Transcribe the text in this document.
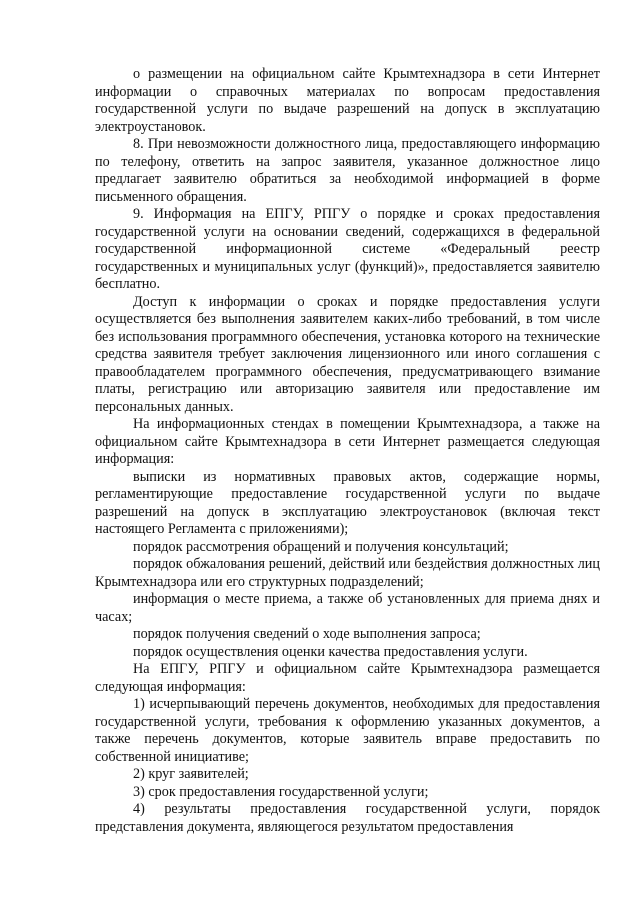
о размещении на официальном сайте Крымтехнадзора в сети Интернет информации о справочных материалах по вопросам предоставления государственной услуги по выдаче разрешений на допуск в эксплуатацию электроустановок.

8. При невозможности должностного лица, предоставляющего информацию по телефону, ответить на запрос заявителя, указанное должностное лицо предлагает заявителю обратиться за необходимой информацией в форме письменного обращения.

9. Информация на ЕПГУ, РПГУ о порядке и сроках предоставления государственной услуги на основании сведений, содержащихся в федеральной государственной информационной системе «Федеральный реестр государственных и муниципальных услуг (функций)», предоставляется заявителю бесплатно.

Доступ к информации о сроках и порядке предоставления услуги осуществляется без выполнения заявителем каких-либо требований, в том числе без использования программного обеспечения, установка которого на технические средства заявителя требует заключения лицензионного или иного соглашения с правообладателем программного обеспечения, предусматривающего взимание платы, регистрацию или авторизацию заявителя или предоставление им персональных данных.

На информационных стендах в помещении Крымтехнадзора, а также на официальном сайте Крымтехнадзора в сети Интернет размещается следующая информация:

выписки из нормативных правовых актов, содержащие нормы, регламентирующие предоставление государственной услуги по выдаче разрешений на допуск в эксплуатацию электроустановок (включая текст настоящего Регламента с приложениями);

порядок рассмотрения обращений и получения консультаций;

порядок обжалования решений, действий или бездействия должностных лиц Крымтехнадзора или его структурных подразделений;

информация о месте приема, а также об установленных для приема днях и часах;

порядок получения сведений о ходе выполнения запроса;

порядок осуществления оценки качества предоставления услуги.

На ЕПГУ, РПГУ и официальном сайте Крымтехнадзора размещается следующая информация:

1) исчерпывающий перечень документов, необходимых для предоставления государственной услуги, требования к оформлению указанных документов, а также перечень документов, которые заявитель вправе предоставить по собственной инициативе;

2) круг заявителей;

3) срок предоставления государственной услуги;

4) результаты предоставления государственной услуги, порядок представления документа, являющегося результатом предоставления
